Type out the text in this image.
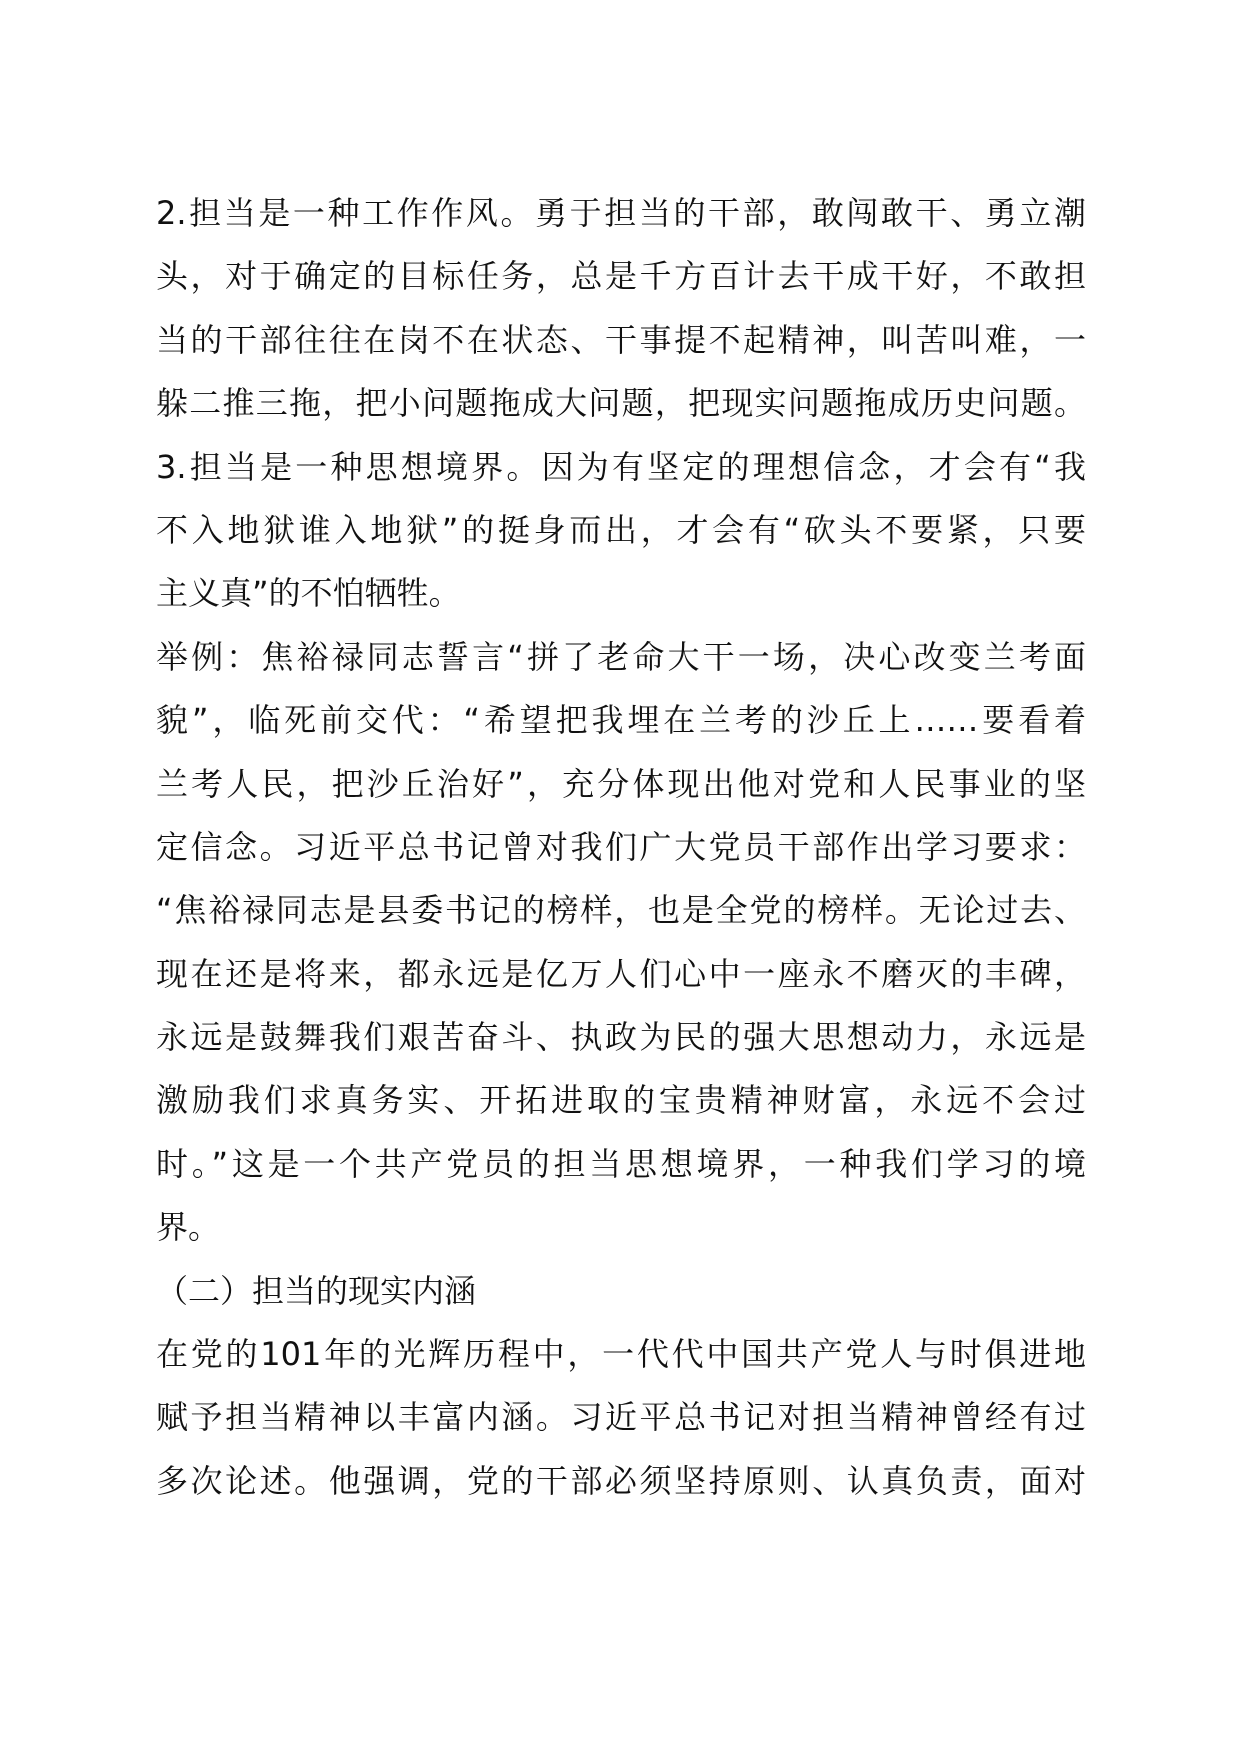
2.担当是一种工作作风。勇于担当的干部，敢闯敢干、勇立潮
头，对于确定的目标任务，总是千方百计去干成干好，不敢担
当的干部往往在岗不在状态、干事提不起精神，叫苦叫难，一
躲二推三拖，把小问题拖成大问题，把现实问题拖成历史问题。
3.担当是一种思想境界。因为有坚定的理想信念，才会有“我
不入地狱谁入地狱”的挺身而出，才会有“砍头不要紧，只要
主义真”的不怕牺牲。
举例：焦裕禄同志誓言“拼了老命大干一场，决心改变兰考面
貌”，临死前交代：“希望把我埋在兰考的沙丘上……要看着
兰考人民，把沙丘治好”，充分体现出他对党和人民事业的坚
定信念。习近平总书记曾对我们广大党员干部作出学习要求：
“焦裕禄同志是县委书记的榜样，也是全党的榜样。无论过去、
现在还是将来，都永远是亿万人们心中一座永不磨灭的丰碑，
永远是鼓舞我们艰苦奋斗、执政为民的强大思想动力，永远是
激励我们求真务实、开拓进取的宝贵精神财富，永远不会过
时。”这是一个共产党员的担当思想境界，一种我们学习的境
界。
（二）担当的现实内涵
在党的101年的光辉历程中，一代代中国共产党人与时俱进地
赋予担当精神以丰富内涵。习近平总书记对担当精神曾经有过
多次论述。他强调，党的干部必须坚持原则、认真负责，面对
